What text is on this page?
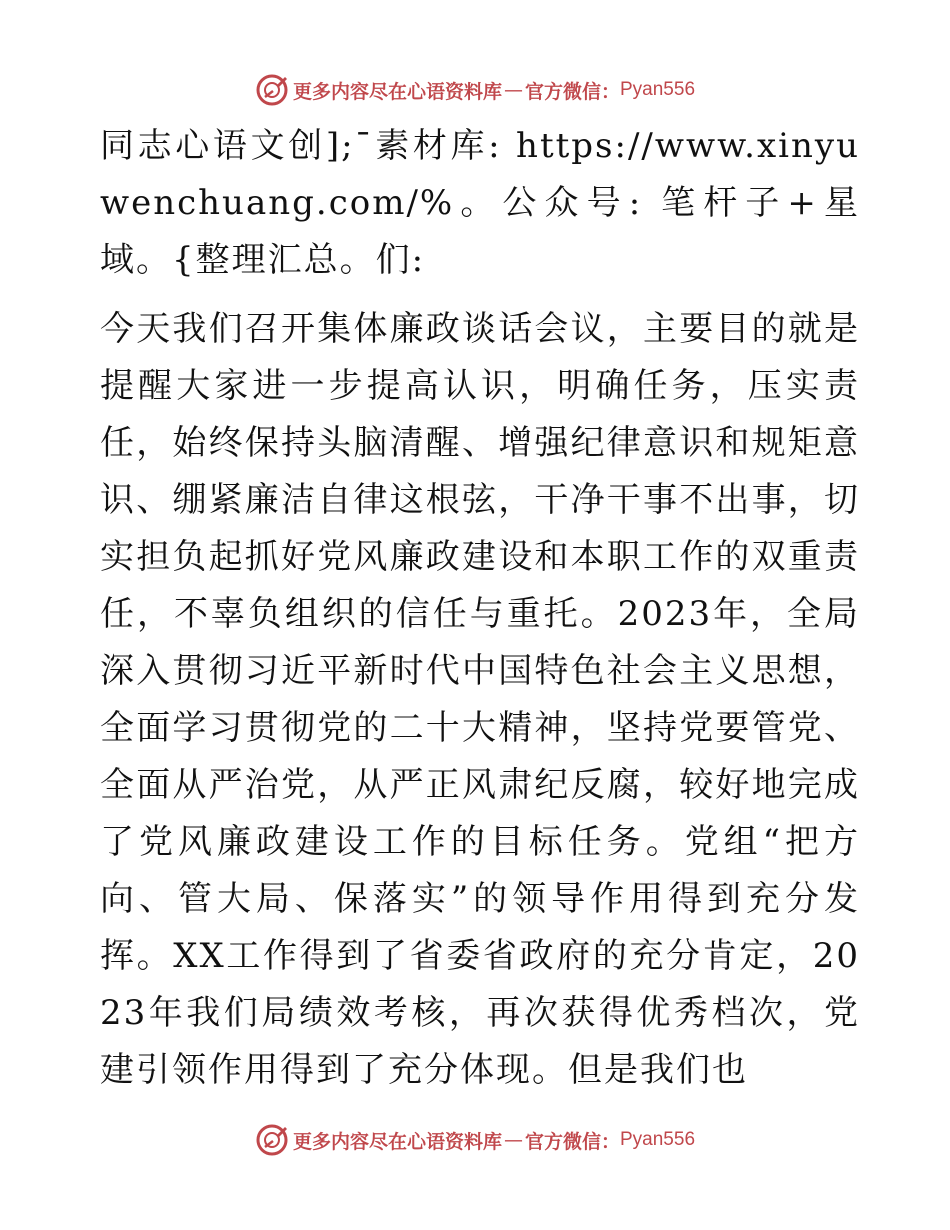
更多内容尽在心语资料库 — 官方微信： Pyan556

同志心语文创];¯素材库: https://www.xinyuwenchuang.com/%。公众号: 笔杆子+星域。{整理汇总。们:

今天我们召开集体廉政谈话会议，主要目的就是提醒大家进一步提高认识，明确任务，压实责任，始终保持头脑清醒、增强纪律意识和规矩意识、绷紧廉洁自律这根弦，干净干事不出事，切实担负起抓好党风廉政建设和本职工作的双重责任，不辜负组织的信任与重托。2023年，全局深入贯彻习近平新时代中国特色社会主义思想，全面学习贯彻党的二十大精神，坚持党要管党、全面从严治党，从严正风肃纪反腐，较好地完成了党风廉政建设工作的目标任务。党组“把方向、管大局、保落实”的领导作用得到充分发挥。XX工作得到了省委省政府的充分肯定，2023年我们局绩效考核，再次获得优秀档次，党建引领作用得到了充分体现。但是我们也

更多内容尽在心语资料库 — 官方微信： Pyan556
